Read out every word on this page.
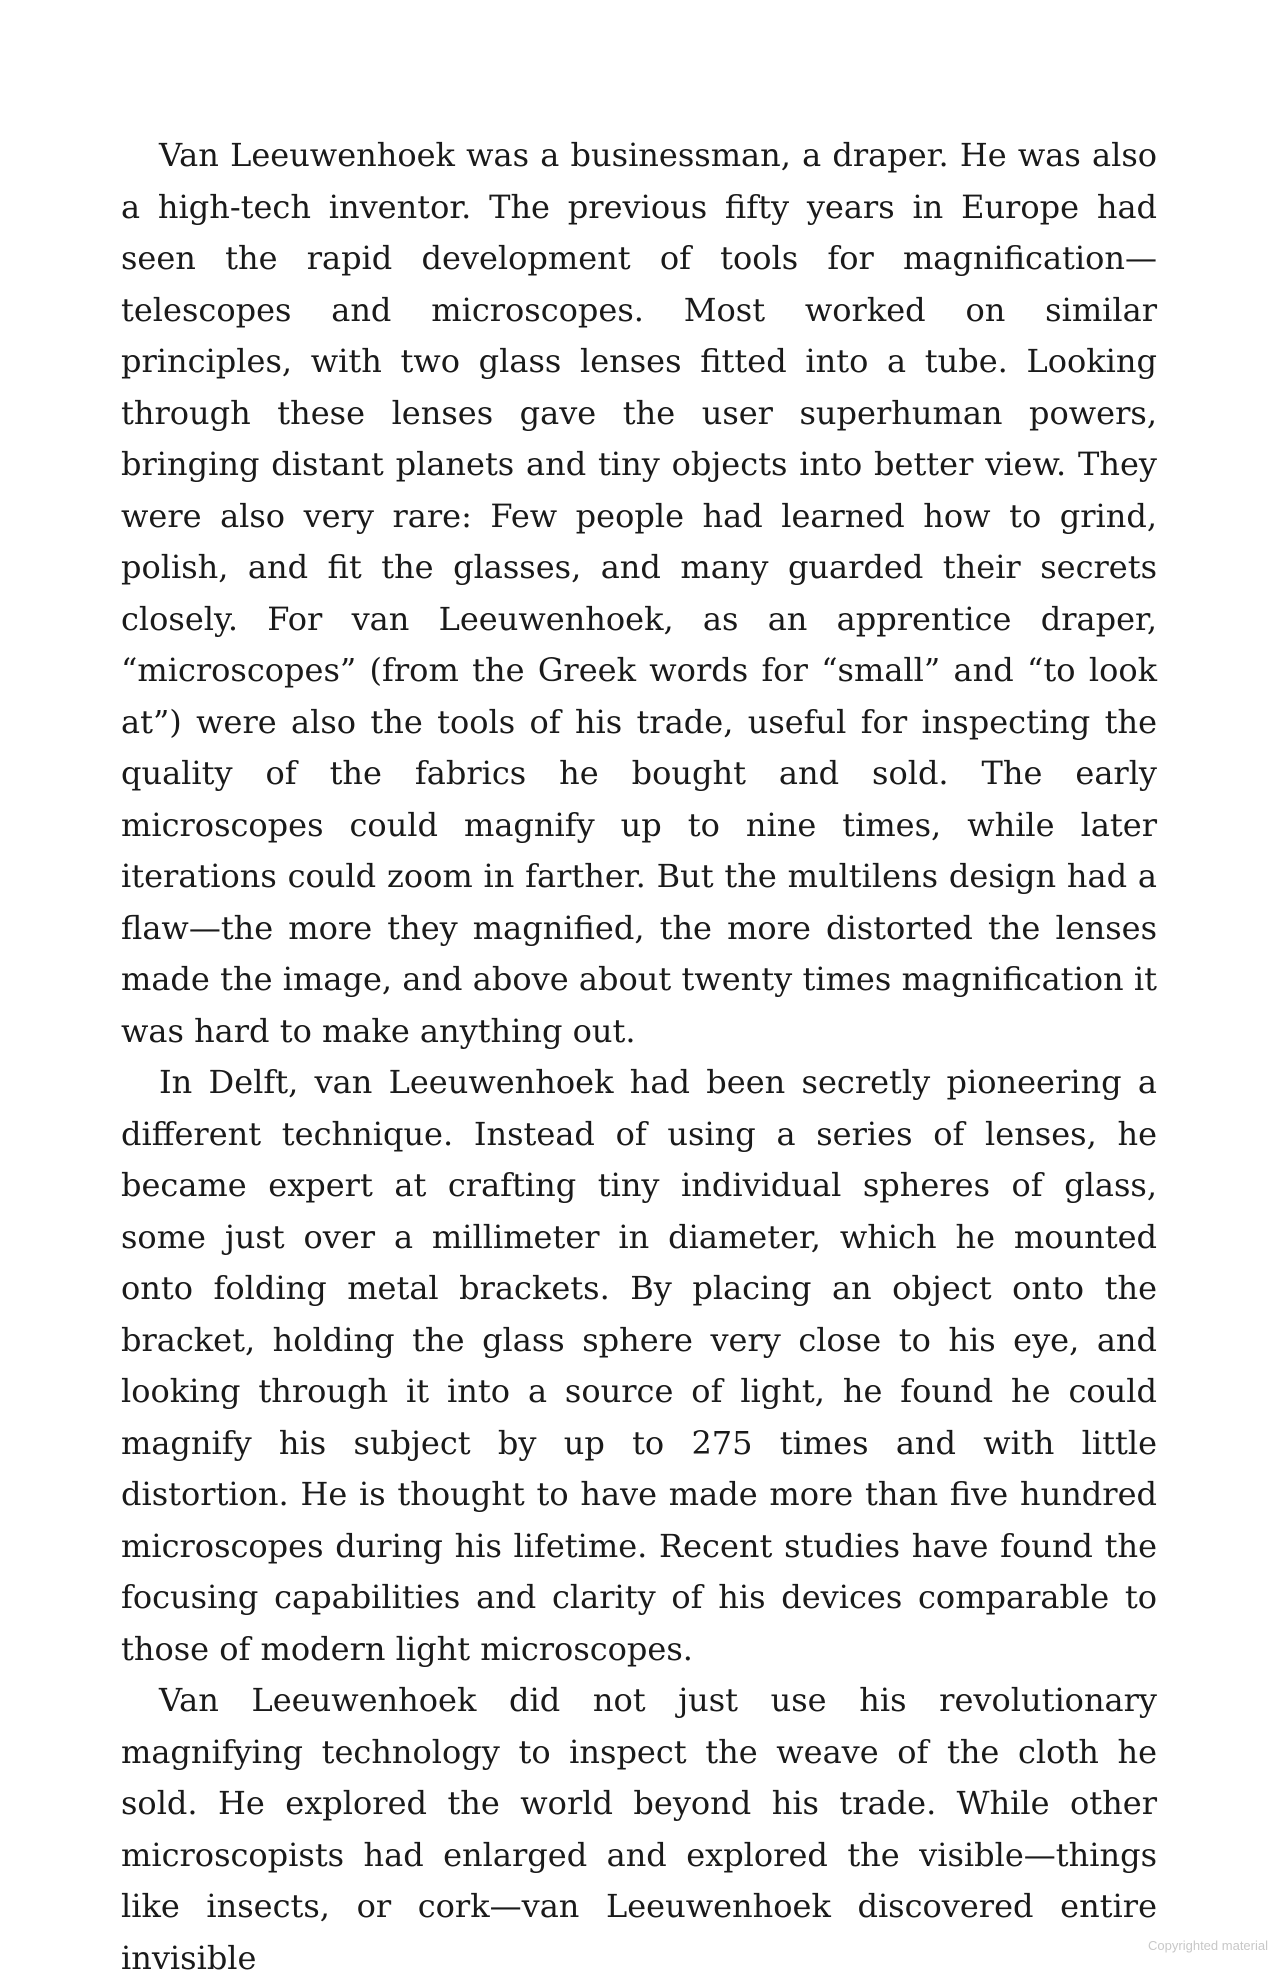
Van Leeuwenhoek was a businessman, a draper. He was also a high-tech inventor. The previous fifty years in Europe had seen the rapid development of tools for magnification—telescopes and microscopes. Most worked on similar principles, with two glass lenses fitted into a tube. Looking through these lenses gave the user superhuman powers, bringing distant planets and tiny objects into better view. They were also very rare: Few people had learned how to grind, polish, and fit the glasses, and many guarded their secrets closely. For van Leeuwenhoek, as an apprentice draper, “microscopes” (from the Greek words for “small” and “to look at”) were also the tools of his trade, useful for inspecting the quality of the fabrics he bought and sold. The early microscopes could magnify up to nine times, while later iterations could zoom in farther. But the multilens design had a flaw—the more they magnified, the more distorted the lenses made the image, and above about twenty times magnification it was hard to make anything out.

In Delft, van Leeuwenhoek had been secretly pioneering a different technique. Instead of using a series of lenses, he became expert at crafting tiny individual spheres of glass, some just over a millimeter in diameter, which he mounted onto folding metal brackets. By placing an object onto the bracket, holding the glass sphere very close to his eye, and looking through it into a source of light, he found he could magnify his subject by up to 275 times and with little distortion. He is thought to have made more than five hundred microscopes during his lifetime. Recent studies have found the focusing capabilities and clarity of his devices comparable to those of modern light microscopes.

Van Leeuwenhoek did not just use his revolutionary magnifying technology to inspect the weave of the cloth he sold. He explored the world beyond his trade. While other microscopists had enlarged and explored the visible—things like insects, or cork—van Leeuwenhoek discovered entire invisible	Copyrighted material
